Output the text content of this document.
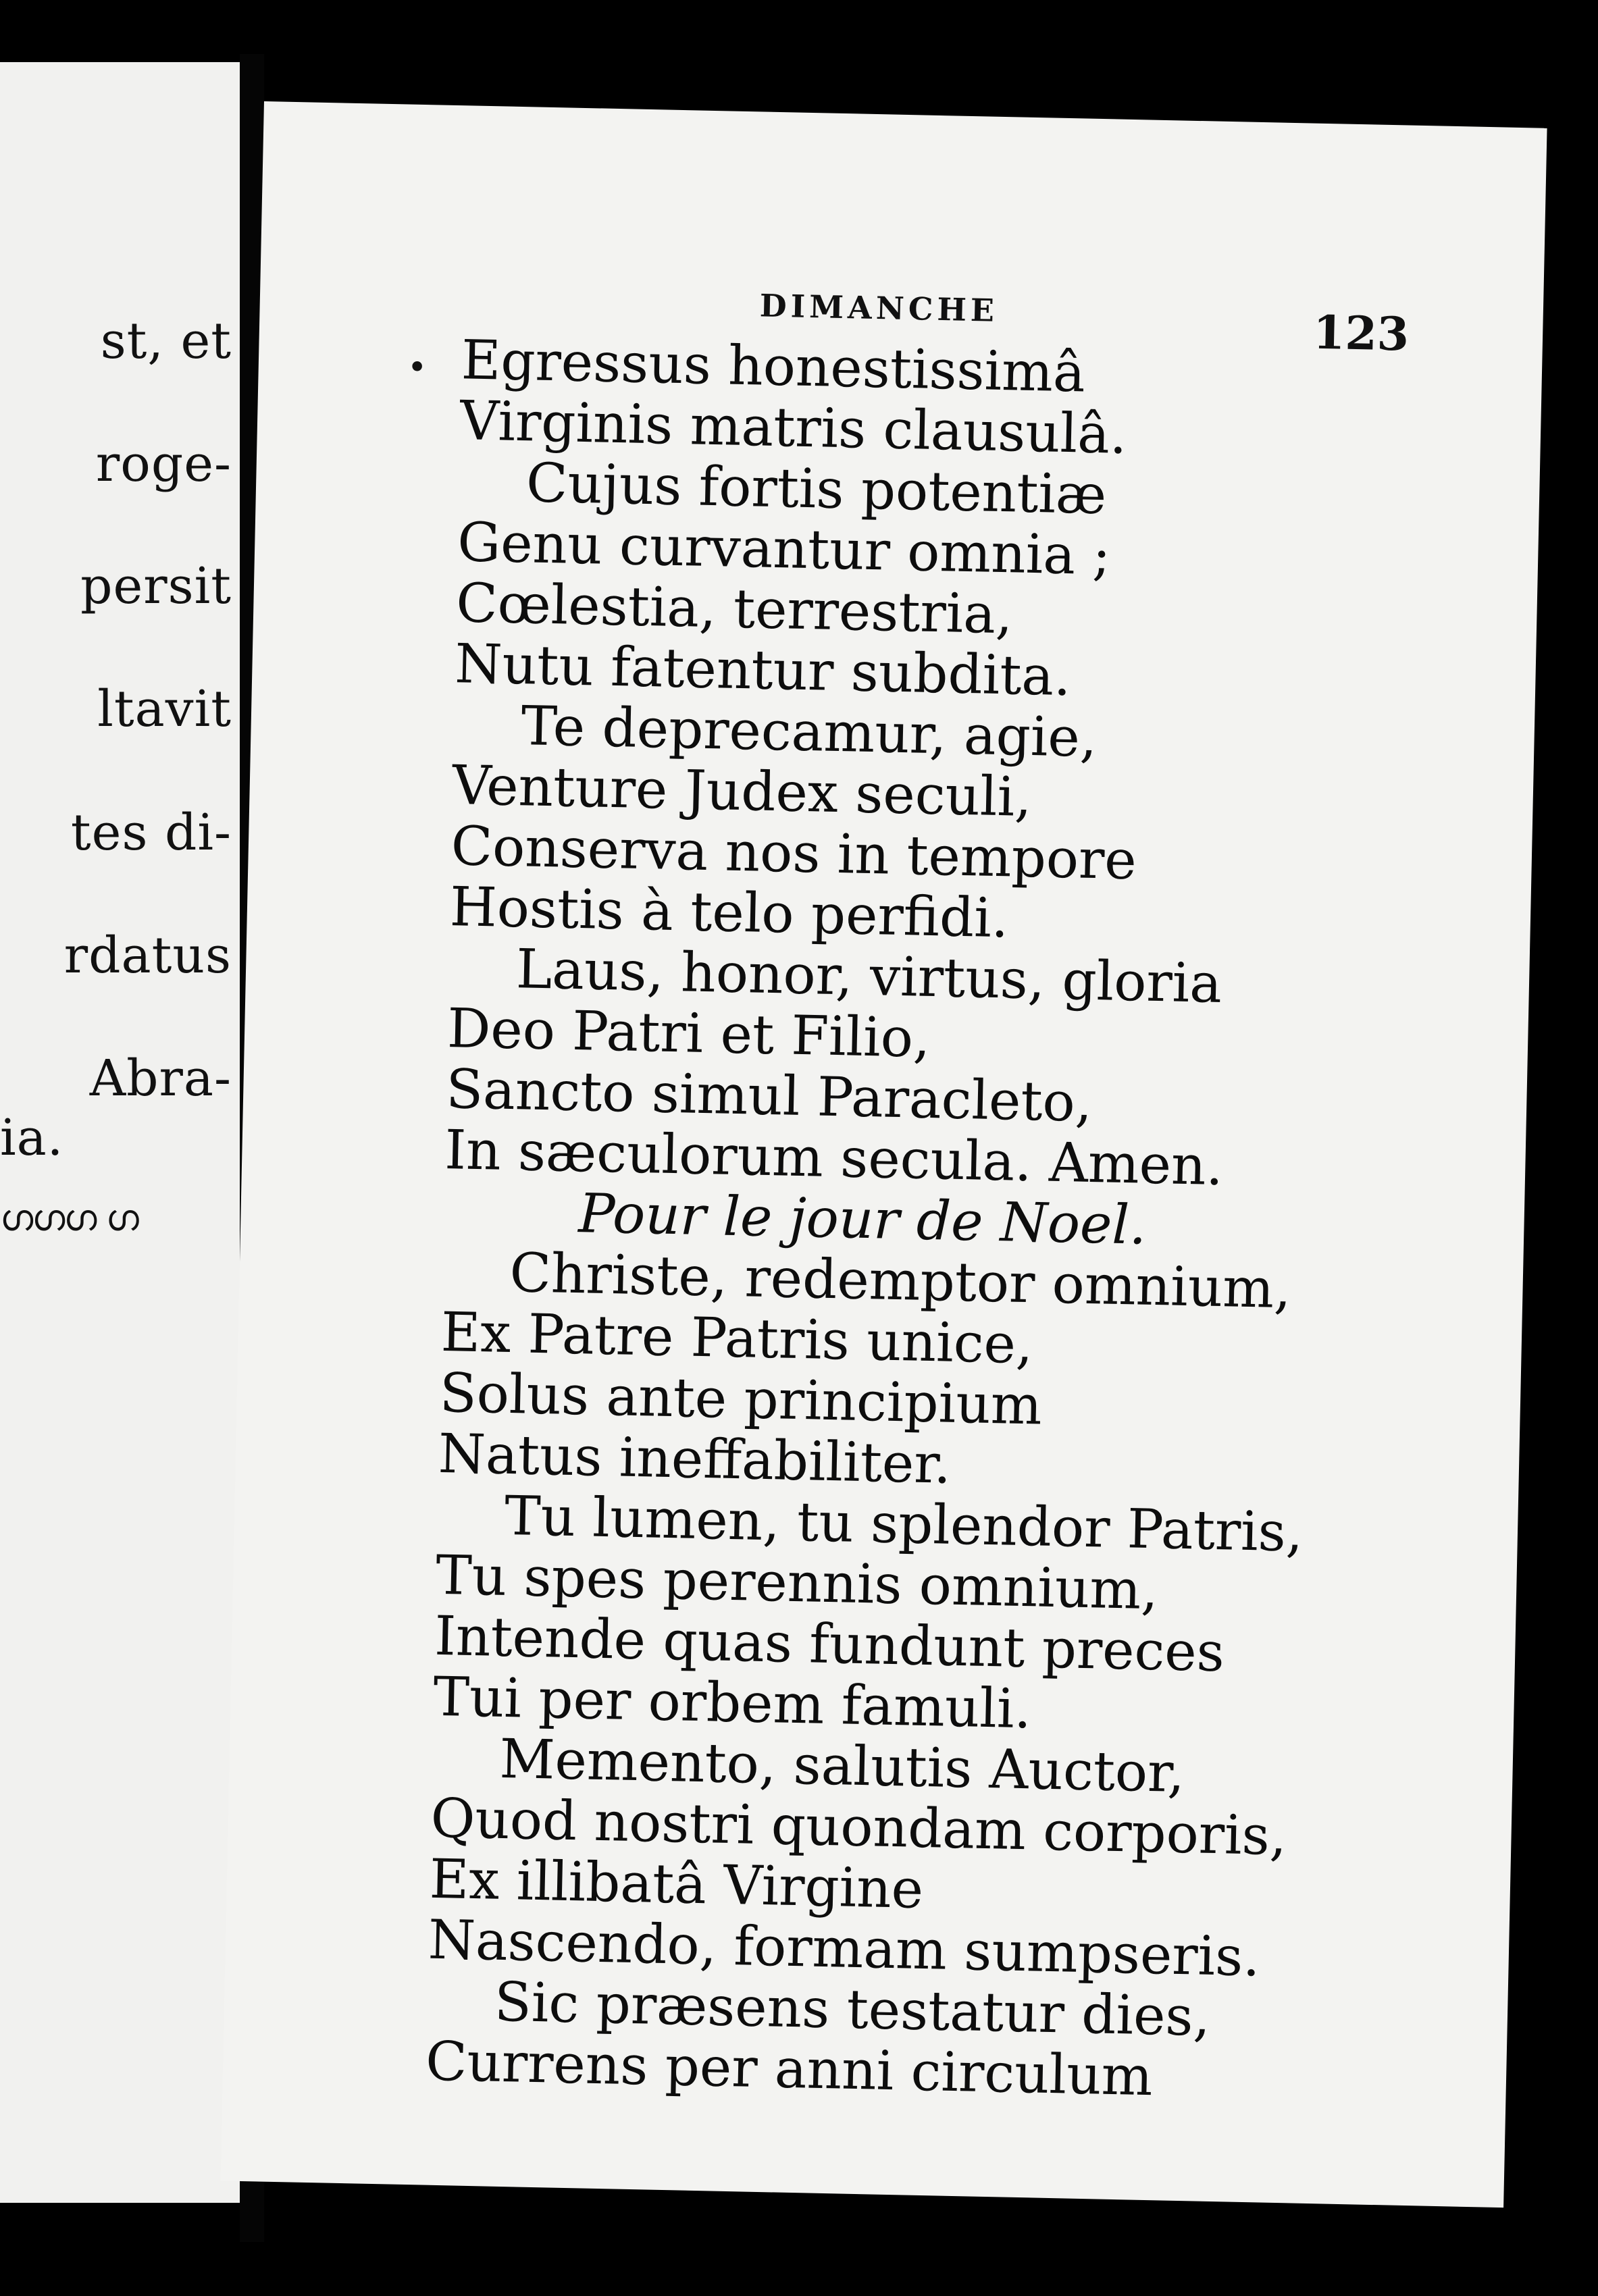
st, et
roge-
persit
ltavit
tes di-
rdatus
Abra-
ia.
ഗഗഗ ഗ
DIMANCHE	123
• Egressus honestissimâ
Virginis matris clausulâ.
Cujus fortis potentiæ
Genu curvantur omnia ;
Cœlestia, terrestria,
Nutu fatentur subdita.
Te deprecamur, agie,
Venture Judex seculi,
Conserva nos in tempore
Hostis à telo perfidi.
Laus, honor, virtus, gloria
Deo Patri et Filio,
Sancto simul Paracleto,
In sæculorum secula. Amen.
Pour le jour de Noel.
Christe, redemptor omnium,
Ex Patre Patris unice,
Solus ante principium
Natus ineffabiliter.
Tu lumen, tu splendor Patris,
Tu spes perennis omnium,
Intende quas fundunt preces
Tui per orbem famuli.
Memento, salutis Auctor,
Quod nostri quondam corporis,
Ex illibatâ Virgine
Nascendo, formam sumpseris.
Sic præsens testatur dies,
Currens per anni circulum
